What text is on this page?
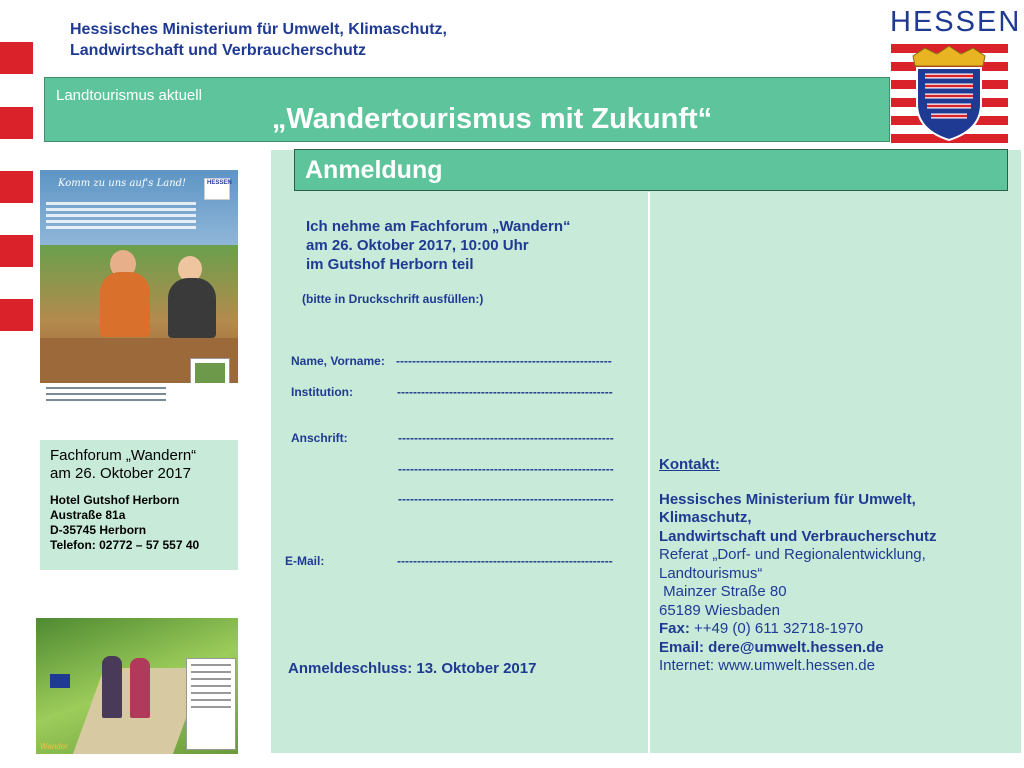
Hessisches Ministerium für Umwelt, Klimaschutz,
Landwirtschaft und Verbraucherschutz
HESSEN
Landtourismus aktuell
„Wandertourismus mit Zukunft“
Komm zu uns auf's Land!	HESSEN
Fachforum „Wandern“
am 26. Oktober 2017
Hotel Gutshof Herborn
Austraße 81a
D-35745 Herborn
Telefon: 02772 – 57 557 40
Wander
Anmeldung
Ich nehme am Fachforum „Wandern“
am 26. Oktober 2017, 10:00 Uhr
im Gutshof Herborn teil
(bitte in Druckschrift ausfüllen:)
Name, Vorname: ------------------------------------------------------
Institution:	------------------------------------------------------
Anschrift:	------------------------------------------------------
------------------------------------------------------
------------------------------------------------------
E-Mail:	------------------------------------------------------
Anmeldeschluss: 13. Oktober 2017
Kontakt:
Hessisches Ministerium für Umwelt,
Klimaschutz,
Landwirtschaft und Verbraucherschutz
Referat „Dorf- und Regionalentwicklung,
Landtourismus“
Mainzer Straße 80
65189 Wiesbaden
Fax: ++49 (0) 611 32718-1970
Email: dere@umwelt.hessen.de
Internet: www.umwelt.hessen.de
